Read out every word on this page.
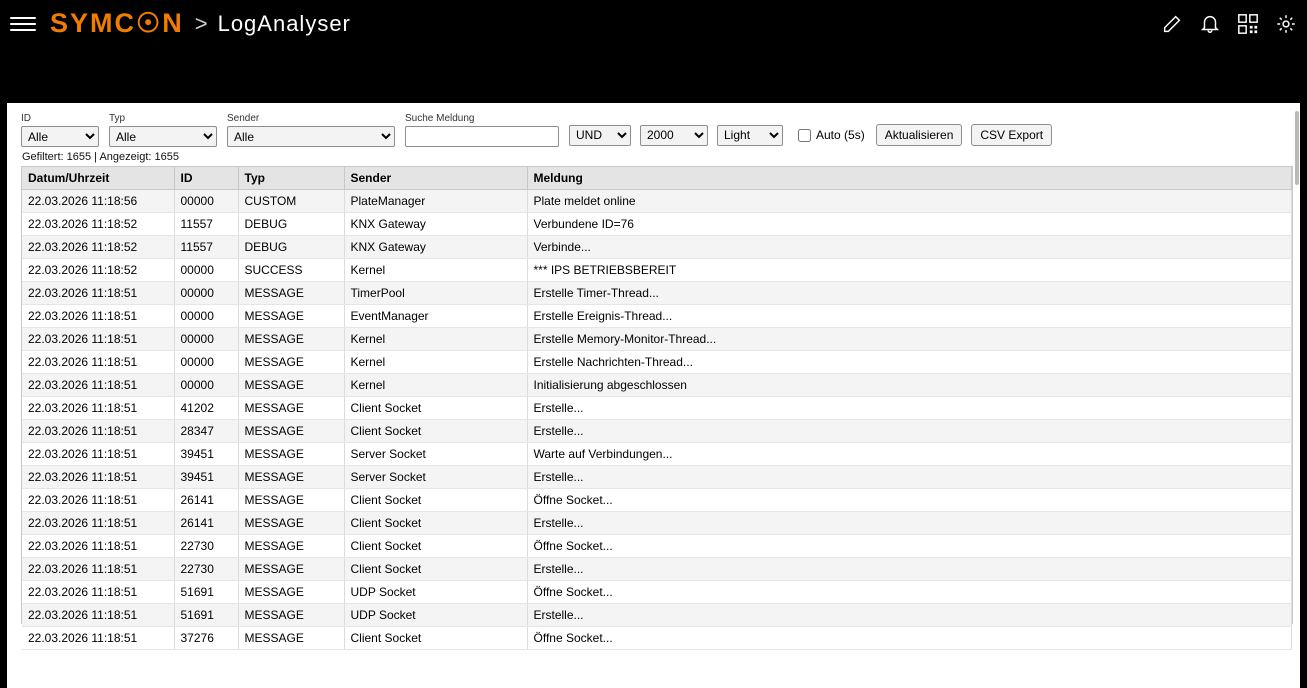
SYMC☉N > LogAnalyser
ID
Alle	Typ
Alle	Sender
Alle	Suche Meldung
UND
2000
Light
Auto (5s)	Aktualisieren	CSV Export
Gefiltert: 1655 | Angezeigt: 1655
Datum/Uhrzeit	ID	Typ	Sender	Meldung
22.03.2026 11:18:56	00000	CUSTOM	PlateManager	Plate meldet online
22.03.2026 11:18:52	11557	DEBUG	KNX Gateway	Verbundene ID=76
22.03.2026 11:18:52	11557	DEBUG	KNX Gateway	Verbinde...
22.03.2026 11:18:52	00000	SUCCESS	Kernel	*** IPS BETRIEBSBEREIT
22.03.2026 11:18:51	00000	MESSAGE	TimerPool	Erstelle Timer-Thread...
22.03.2026 11:18:51	00000	MESSAGE	EventManager	Erstelle Ereignis-Thread...
22.03.2026 11:18:51	00000	MESSAGE	Kernel	Erstelle Memory-Monitor-Thread...
22.03.2026 11:18:51	00000	MESSAGE	Kernel	Erstelle Nachrichten-Thread...
22.03.2026 11:18:51	00000	MESSAGE	Kernel	Initialisierung abgeschlossen
22.03.2026 11:18:51	41202	MESSAGE	Client Socket	Erstelle...
22.03.2026 11:18:51	28347	MESSAGE	Client Socket	Erstelle...
22.03.2026 11:18:51	39451	MESSAGE	Server Socket	Warte auf Verbindungen...
22.03.2026 11:18:51	39451	MESSAGE	Server Socket	Erstelle...
22.03.2026 11:18:51	26141	MESSAGE	Client Socket	Öffne Socket...
22.03.2026 11:18:51	26141	MESSAGE	Client Socket	Erstelle...
22.03.2026 11:18:51	22730	MESSAGE	Client Socket	Öffne Socket...
22.03.2026 11:18:51	22730	MESSAGE	Client Socket	Erstelle...
22.03.2026 11:18:51	51691	MESSAGE	UDP Socket	Öffne Socket...
22.03.2026 11:18:51	51691	MESSAGE	UDP Socket	Erstelle...
22.03.2026 11:18:51	37276	MESSAGE	Client Socket	Öffne Socket...
